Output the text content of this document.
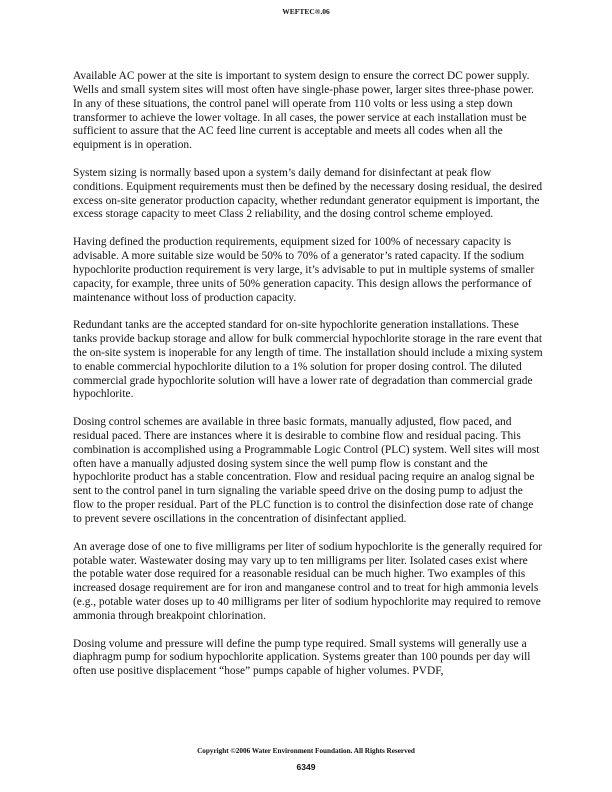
WEFTEC®.06

Available AC power at the site is important to system design to ensure the correct DC power supply. Wells and small system sites will most often have single-phase power, larger sites three-phase power. In any of these situations, the control panel will operate from 110 volts or less using a step down transformer to achieve the lower voltage. In all cases, the power service at each installation must be sufficient to assure that the AC feed line current is acceptable and meets all codes when all the equipment is in operation.

System sizing is normally based upon a system’s daily demand for disinfectant at peak flow conditions. Equipment requirements must then be defined by the necessary dosing residual, the desired excess on-site generator production capacity, whether redundant generator equipment is important, the excess storage capacity to meet Class 2 reliability, and the dosing control scheme employed.

Having defined the production requirements, equipment sized for 100% of necessary capacity is advisable. A more suitable size would be 50% to 70% of a generator’s rated capacity. If the sodium hypochlorite production requirement is very large, it’s advisable to put in multiple systems of smaller capacity, for example, three units of 50% generation capacity. This design allows the performance of maintenance without loss of production capacity.

Redundant tanks are the accepted standard for on-site hypochlorite generation installations. These tanks provide backup storage and allow for bulk commercial hypochlorite storage in the rare event that the on-site system is inoperable for any length of time. The installation should include a mixing system to enable commercial hypochlorite dilution to a 1% solution for proper dosing control. The diluted commercial grade hypochlorite solution will have a lower rate of degradation than commercial grade hypochlorite.

Dosing control schemes are available in three basic formats, manually adjusted, flow paced, and residual paced. There are instances where it is desirable to combine flow and residual pacing. This combination is accomplished using a Programmable Logic Control (PLC) system. Well sites will most often have a manually adjusted dosing system since the well pump flow is constant and the hypochlorite product has a stable concentration. Flow and residual pacing require an analog signal be sent to the control panel in turn signaling the variable speed drive on the dosing pump to adjust the flow to the proper residual. Part of the PLC function is to control the disinfection dose rate of change to prevent severe oscillations in the concentration of disinfectant applied.

An average dose of one to five milligrams per liter of sodium hypochlorite is the generally required for potable water. Wastewater dosing may vary up to ten milligrams per liter. Isolated cases exist where the potable water dose required for a reasonable residual can be much higher. Two examples of this increased dosage requirement are for iron and manganese control and to treat for high ammonia levels (e.g., potable water doses up to 40 milligrams per liter of sodium hypochlorite may required to remove ammonia through breakpoint chlorination.

Dosing volume and pressure will define the pump type required. Small systems will generally use a diaphragm pump for sodium hypochlorite application. Systems greater than 100 pounds per day will often use positive displacement “hose” pumps capable of higher volumes. PVDF,

Copyright ©2006 Water Environment Foundation. All Rights Reserved
6349
